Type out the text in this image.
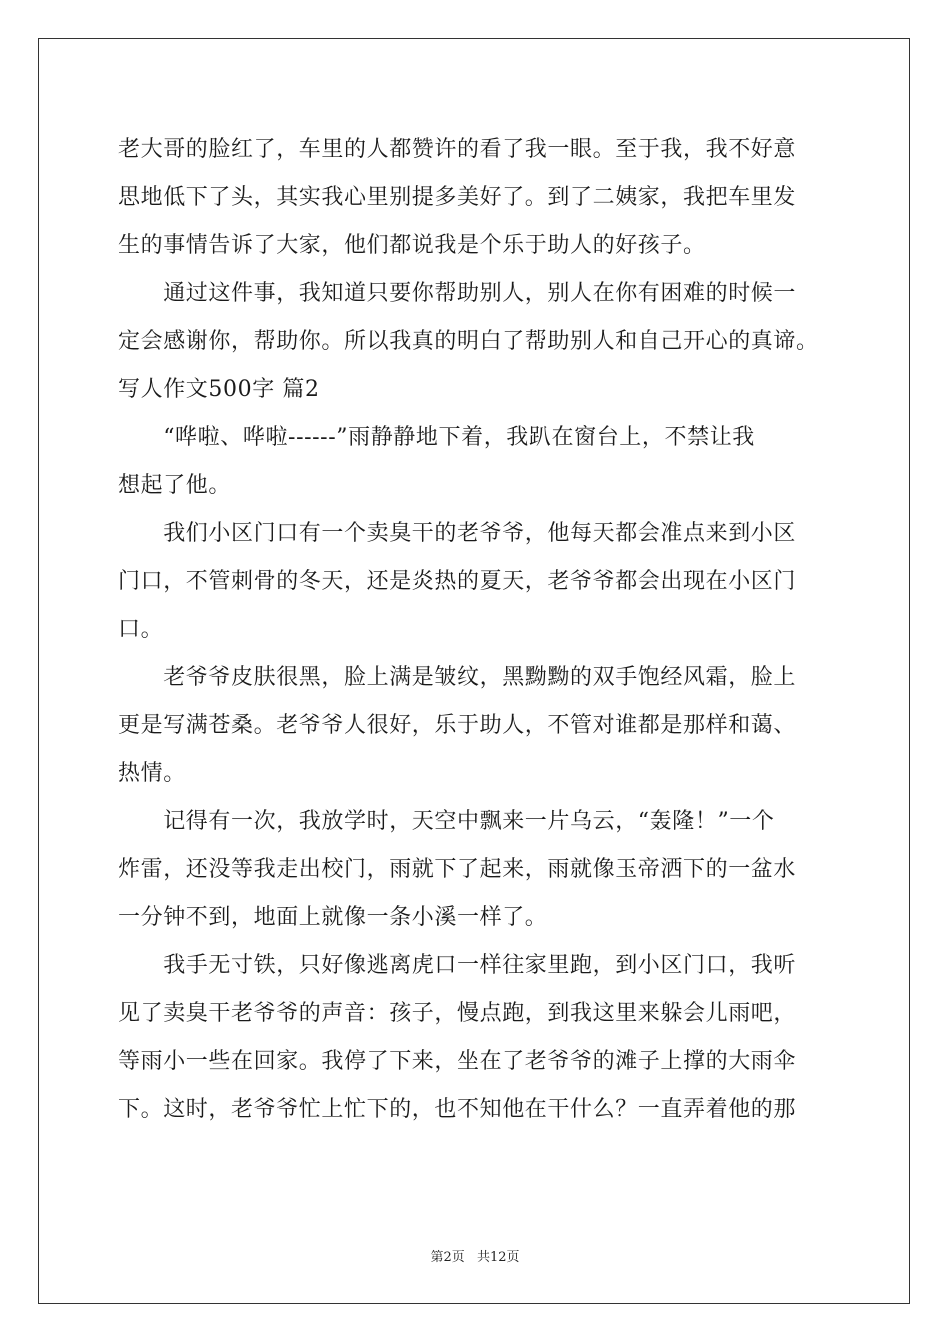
老大哥的脸红了，车里的人都赞许的看了我一眼。至于我，我不好意
思地低下了头，其实我心里别提多美好了。到了二姨家，我把车里发
生的事情告诉了大家，他们都说我是个乐于助人的好孩子。
　　通过这件事，我知道只要你帮助别人，别人在你有困难的时候一
定会感谢你，帮助你。所以我真的明白了帮助别人和自己开心的真谛。
写人作文500字 篇2
　　“哗啦、哗啦------”雨静静地下着，我趴在窗台上，不禁让我
想起了他。
　　我们小区门口有一个卖臭干的老爷爷，他每天都会准点来到小区
门口，不管刺骨的冬天，还是炎热的夏天，老爷爷都会出现在小区门
口。
　　老爷爷皮肤很黑，脸上满是皱纹，黑黝黝的双手饱经风霜，脸上
更是写满苍桑。老爷爷人很好，乐于助人，不管对谁都是那样和蔼、
热情。
　　记得有一次，我放学时，天空中飘来一片乌云，“轰隆！”一个
炸雷，还没等我走出校门，雨就下了起来，雨就像玉帝洒下的一盆水
一分钟不到，地面上就像一条小溪一样了。
　　我手无寸铁，只好像逃离虎口一样往家里跑，到小区门口，我听
见了卖臭干老爷爷的声音：孩子，慢点跑，到我这里来躲会儿雨吧，
等雨小一些在回家。我停了下来，坐在了老爷爷的滩子上撑的大雨伞
下。这时，老爷爷忙上忙下的，也不知他在干什么？一直弄着他的那
第2页 共12页
